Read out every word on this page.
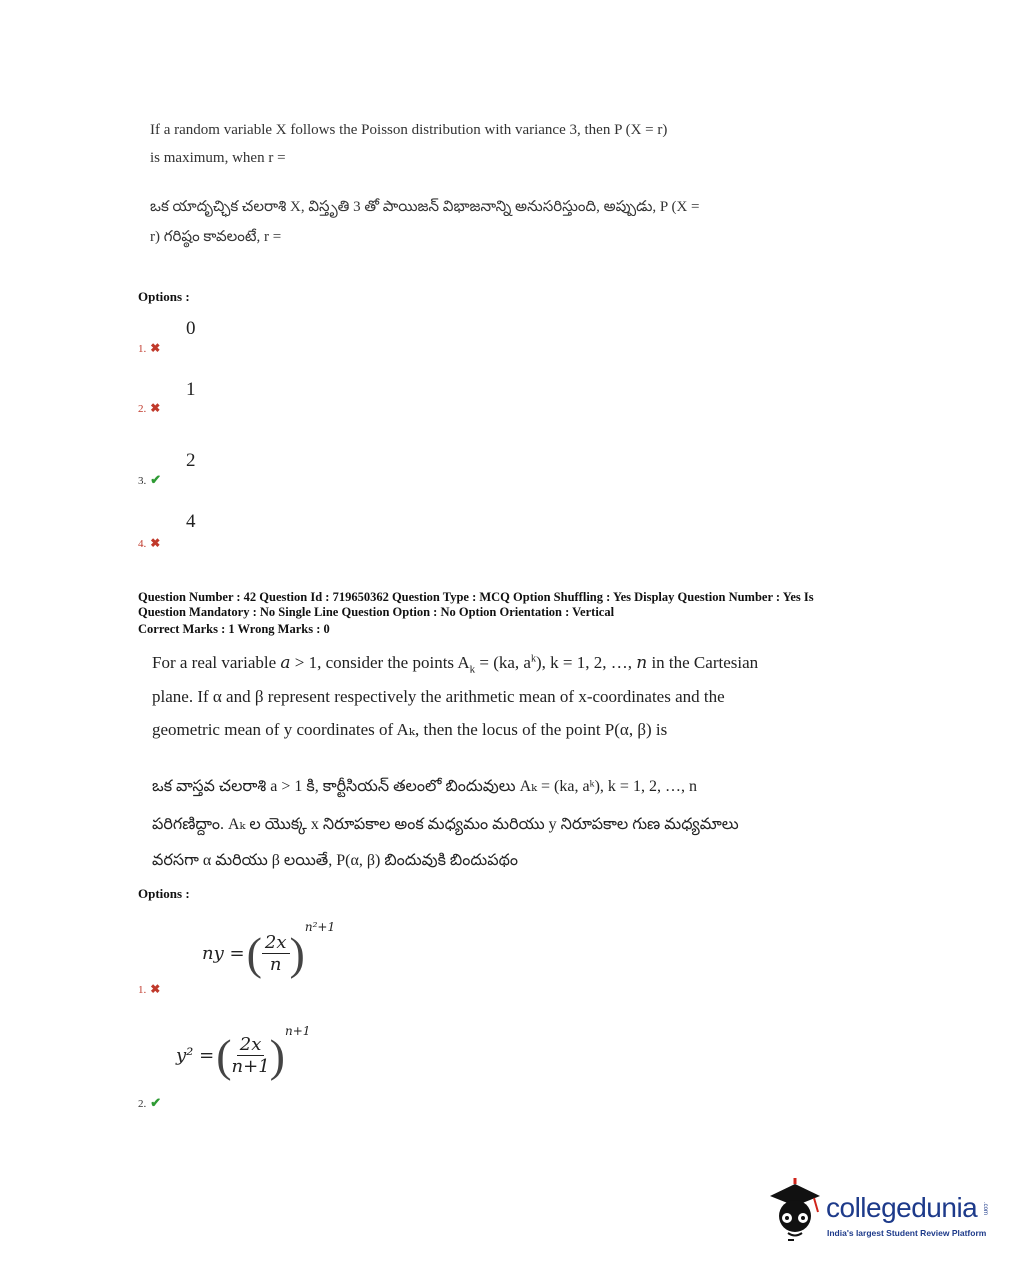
If a random variable X follows the Poisson distribution with variance 3, then P (X = r)
is maximum, when r =
ఒక యాదృచ్ఛిక చలరాశి X, విస్తృతి 3 తో పాయిజన్ విభాజనాన్ని అనుసరిస్తుంది, అప్పుడు, P (X =
r) గరిష్ఠం కావలంటే, r =
Options :
0
1. ✖
1
2. ✖
2
3. ✔
4
4. ✖
Question Number : 42 Question Id : 719650362 Question Type : MCQ Option Shuffling : Yes Display Question Number : Yes Is
Question Mandatory : No Single Line Question Option : No Option Orientation : Vertical
Correct Marks : 1 Wrong Marks : 0
For a real variable a > 1, consider the points $A_k = (ka$, $a^k$), k = 1, 2, …, n in the Cartesian
plane. If α and β represent respectively the arithmetic mean of x-coordinates and the
geometric mean of y coordinates of Aₖ, then the locus of the point P(α, β) is
ఒక వాస్తవ చలరాశి a > 1 కి, కార్టీసియన్ తలంలో బిందువులు Aₖ = (ka, aᵏ), k = 1, 2, …, n
పరిగణిద్దాం. Aₖ ల యొక్క x నిరూపకాల అంక మధ్యమం మరియు y నిరూపకాల గుణ మధ్యమాలు
వరసగా α మరియు β లయితే, P(α, β) బిందువుకి బిందుపథం
Options :
ny = ( $\frac{2x}{n}$ )
n²+1
1. ✖
y² = ( $\frac{2x}{n+1}$ ) n+1
2. ✔
collegedunia .com
India's largest Student Review Platform
